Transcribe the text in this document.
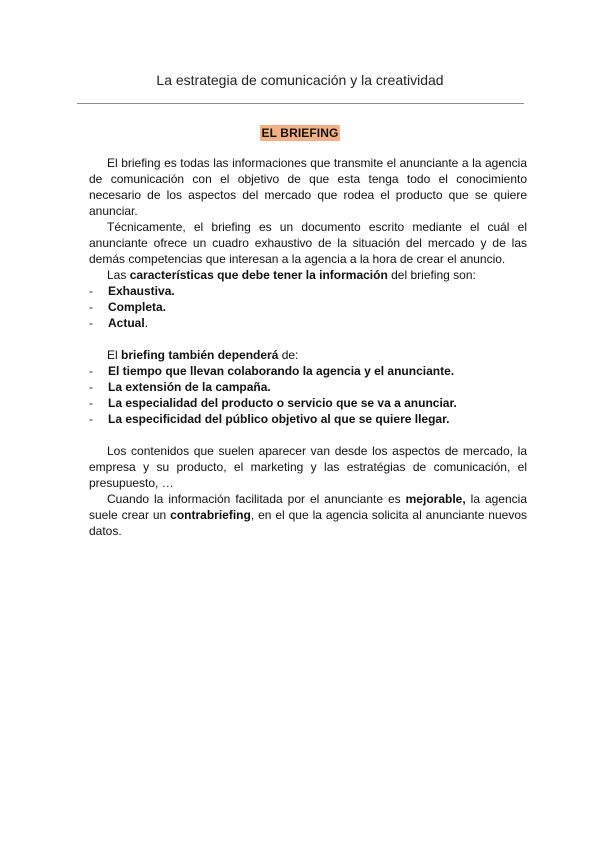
La estrategia de comunicación y la creatividad
EL BRIEFING

El briefing es todas las informaciones que transmite el anunciante a la agencia de comunicación con el objetivo de que esta tenga todo el conocimiento necesario de los aspectos del mercado que rodea el producto que se quiere anunciar.

Técnicamente, el briefing es un documento escrito mediante el cuál el anunciante ofrece un cuadro exhaustivo de la situación del mercado y de las demás competencias que interesan a la agencia a la hora de crear el anuncio.

Las características que debe tener la información del briefing son:

- Exhaustiva.
- Completa.
- Actual.

El briefing también dependerá de:

- El tiempo que llevan colaborando la agencia y el anunciante.
- La extensión de la campaña.
- La especialidad del producto o servicio que se va a anunciar.
- La especificidad del público objetivo al que se quiere llegar.

Los contenidos que suelen aparecer van desde los aspectos de mercado, la empresa y su producto, el marketing y las estratégias de comunicación, el presupuesto, …

Cuando la información facilitada por el anunciante es mejorable, la agencia suele crear un contrabriefing, en el que la agencia solicita al anunciante nuevos datos.
